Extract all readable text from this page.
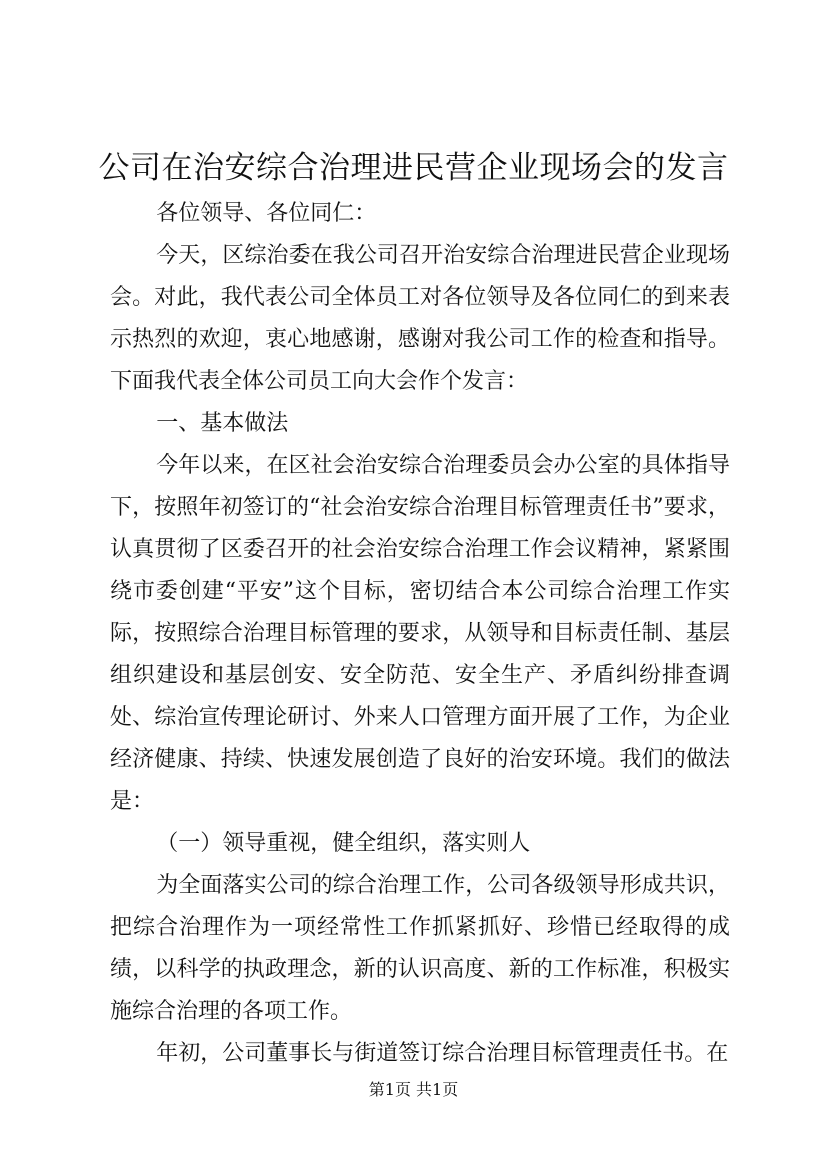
公司在治安综合治理进民营企业现场会的发言

各位领导、各位同仁：

今天，区综治委在我公司召开治安综合治理进民营企业现场会。对此，我代表公司全体员工对各位领导及各位同仁的到来表示热烈的欢迎，衷心地感谢，感谢对我公司工作的检查和指导。下面我代表全体公司员工向大会作个发言：

一、基本做法

今年以来，在区社会治安综合治理委员会办公室的具体指导下，按照年初签订的“社会治安综合治理目标管理责任书”要求，认真贯彻了区委召开的社会治安综合治理工作会议精神，紧紧围绕市委创建“平安”这个目标，密切结合本公司综合治理工作实际，按照综合治理目标管理的要求，从领导和目标责任制、基层组织建设和基层创安、安全防范、安全生产、矛盾纠纷排查调处、综治宣传理论研讨、外来人口管理方面开展了工作，为企业经济健康、持续、快速发展创造了良好的治安环境。我们的做法是：

（一）领导重视，健全组织，落实则人

为全面落实公司的综合治理工作，公司各级领导形成共识，把综合治理作为一项经常性工作抓紧抓好、珍惜已经取得的成绩，以科学的执政理念，新的认识高度、新的工作标准，积极实施综合治理的各项工作。

年初，公司董事长与街道签订综合治理目标管理责任书。在

第1页 共1页
